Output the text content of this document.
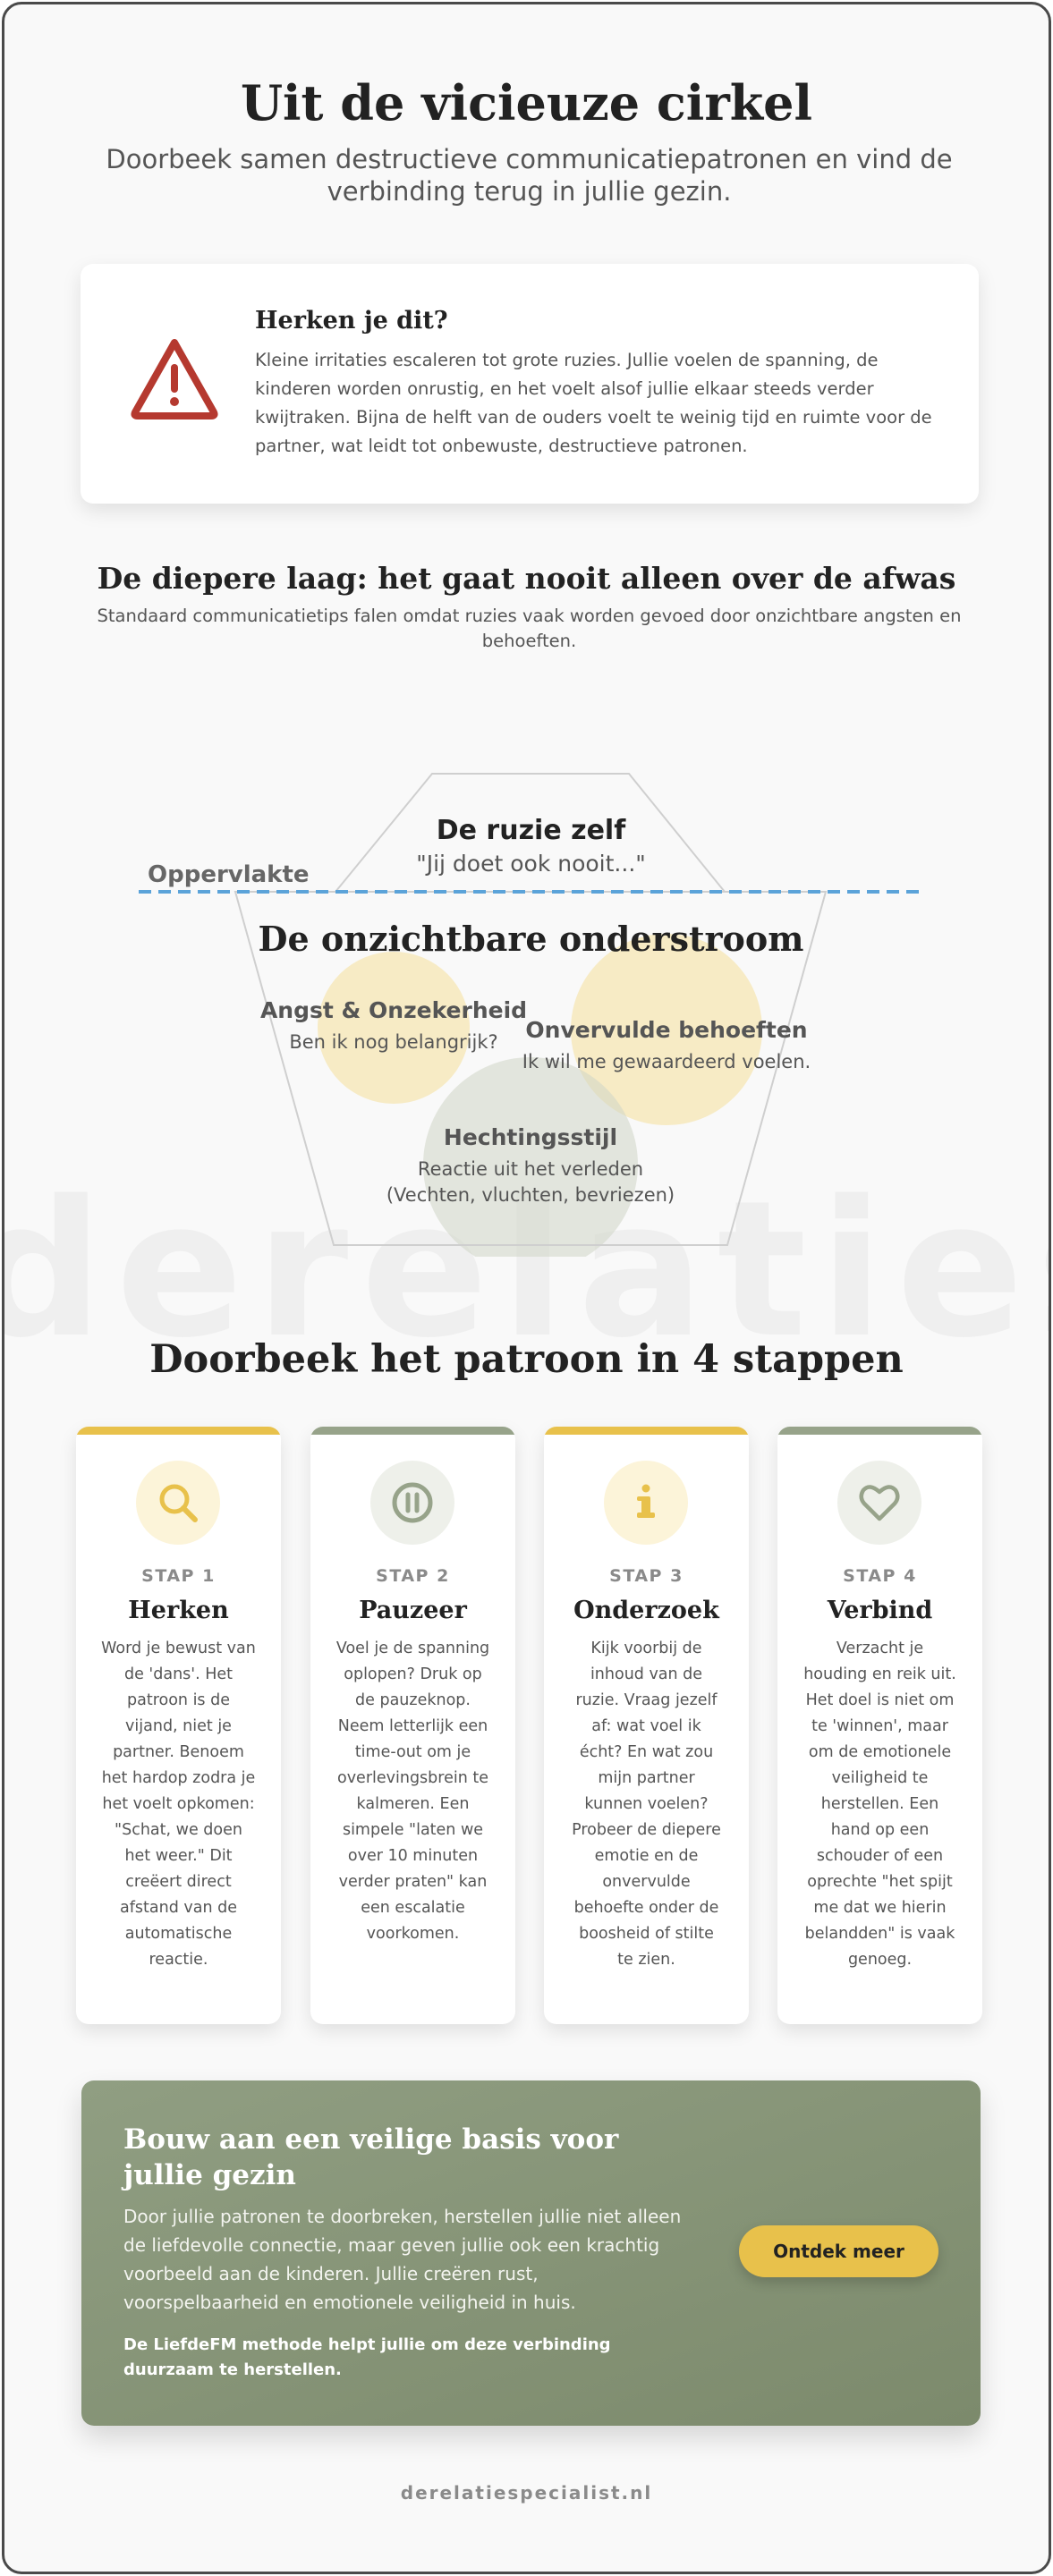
Uit de vicieuze cirkel

Doorbeek samen destructieve communicatiepatronen en vind de verbinding terug in jullie gezin.

Herken je dit?

Kleine irritaties escaleren tot grote ruzies. Jullie voelen de spanning, de kinderen worden onrustig, en het voelt alsof jullie elkaar steeds verder kwijtraken. Bijna de helft van de ouders voelt te weinig tijd en ruimte voor de partner, wat leidt tot onbewuste, destructieve patronen.

De diepere laag: het gaat nooit alleen over de afwas

Standaard communicatietips falen omdat ruzies vaak worden gevoed door onzichtbare angsten en behoeften.

Oppervlakte
De ruzie zelf
"Jij doet ook nooit..."
De onzichtbare onderstroom
Angst & Onzekerheid
Ben ik nog belangrijk?	Onvervulde behoeften
Ik wil me gewaardeerd voelen.
Hechtingsstijl
Reactie uit het verleden
(Vechten, vluchten, bevriezen)
Doorbeek het patroon in 4 stappen
STAP 1
Herken

Word je bewust van de 'dans'. Het patroon is de vijand, niet je partner. Benoem het hardop zodra je het voelt opkomen: "Schat, we doen het weer." Dit creëert direct afstand van de automatische reactie.

STAP 2
Pauzeer

Voel je de spanning oplopen? Druk op de pauzeknop. Neem letterlijk een time-out om je overlevingsbrein te kalmeren. Een simpele "laten we over 10 minuten verder praten" kan een escalatie voorkomen.

STAP 3
Onderzoek

Kijk voorbij de inhoud van de ruzie. Vraag jezelf af: wat voel ik écht? En wat zou mijn partner kunnen voelen? Probeer de diepere emotie en de onvervulde behoefte onder de boosheid of stilte te zien.

STAP 4
Verbind

Verzacht je houding en reik uit. Het doel is niet om te 'winnen', maar om de emotionele veiligheid te herstellen. Een hand op een schouder of een oprechte "het spijt me dat we hierin belandden" is vaak genoeg.

Bouw aan een veilige basis voor jullie gezin

Door jullie patronen te doorbreken, herstellen jullie niet alleen de liefdevolle connectie, maar geven jullie ook een krachtig voorbeeld aan de kinderen. Jullie creëren rust, voorspelbaarheid en emotionele veiligheid in huis.

De LiefdeFM methode helpt jullie om deze verbinding duurzaam te herstellen.

Ontdek meer
derelatiespecialist.nl
